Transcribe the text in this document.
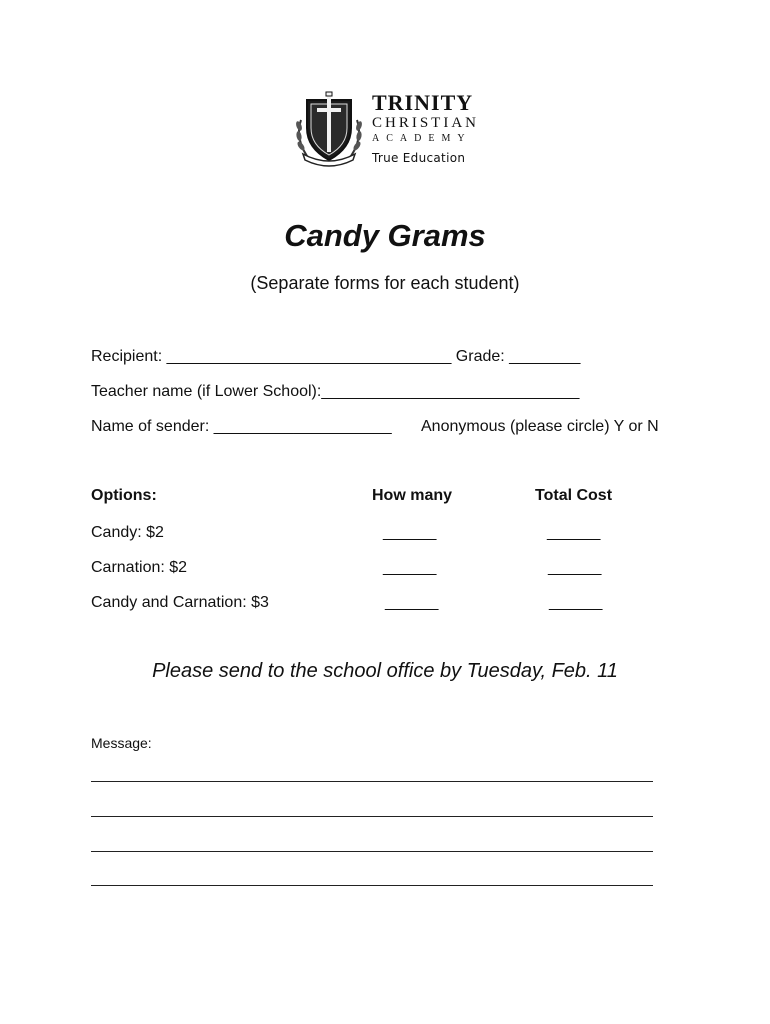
TRINITY
CHRISTIAN
ACADEMY
True Education
Candy Grams
(Separate forms for each student)
Recipient: ________________________________ Grade: ________
Teacher name (if Lower School):_____________________________
Name of sender: ____________________ Anonymous (please circle) Y or N
Options:	How many	Total Cost
Candy: $2	______	______
Carnation: $2	______	______
Candy and Carnation: $3	______	______
Please send to the school office by Tuesday, Feb. 11
Message:
